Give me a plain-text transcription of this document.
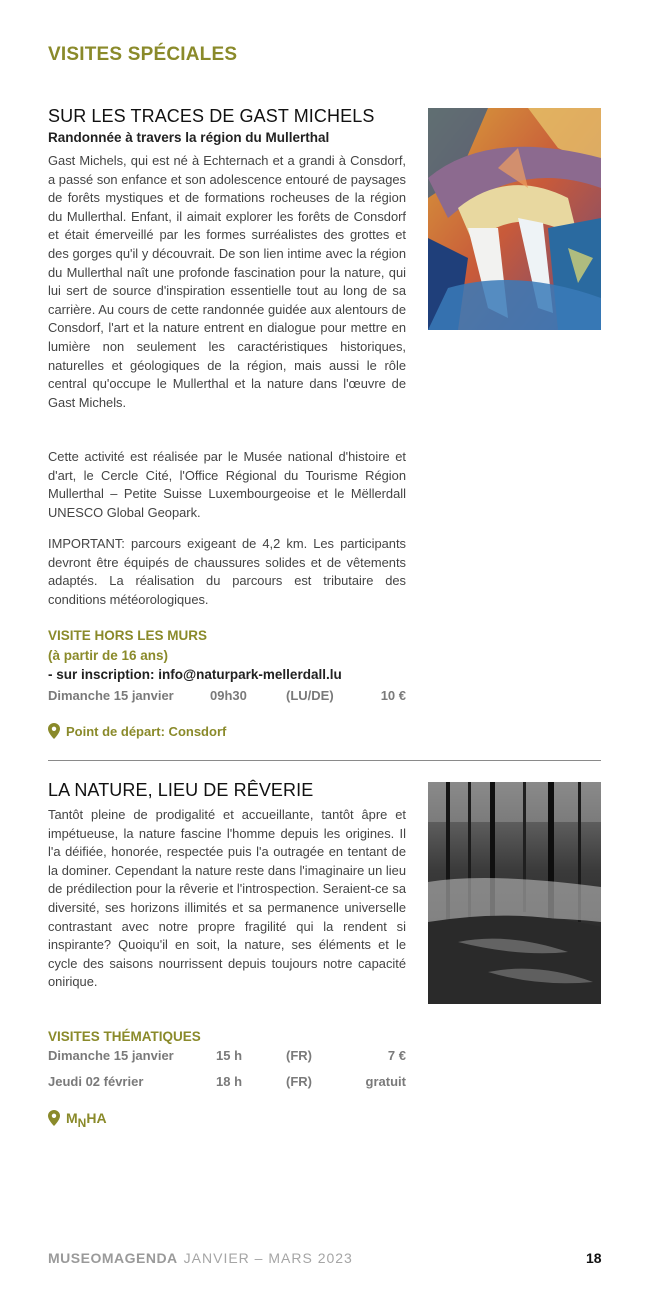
VISITES SPÉCIALES
SUR LES TRACES DE GAST MICHELS
Randonnée à travers la région du Mullerthal

Gast Michels, qui est né à Echternach et a grandi à Consdorf, a passé son enfance et son adolescence entouré de paysages de forêts mystiques et de formations rocheuses de la région du Mullerthal. Enfant, il aimait explorer les forêts de Consdorf et était émerveillé par les formes surréalistes des grottes et des gorges qu'il y découvrait. De son lien intime avec la région du Mullerthal naît une profonde fascination pour la nature, qui lui sert de source d'inspiration essentielle tout au long de sa carrière. Au cours de cette randonnée guidée aux alentours de Consdorf, l'art et la nature entrent en dialogue pour mettre en lumière non seulement les caractéristiques historiques, naturelles et géologiques de la région, mais aussi le rôle central qu'occupe le Mullerthal et la nature dans l'œuvre de Gast Michels.

Cette activité est réalisée par le Musée national d'histoire et d'art, le Cercle Cité, l'Office Régional du Tourisme Région Mullerthal – Petite Suisse Luxembourgeoise et le Mëllerdall UNESCO Global Geopark.

IMPORTANT: parcours exigeant de 4,2 km. Les participants devront être équipés de chaussures solides et de vêtements adaptés. La réalisation du parcours est tributaire des conditions météorologiques.

VISITE HORS LES MURS
(à partir de 16 ans)
- sur inscription: info@naturpark-mellerdall.lu
Dimanche 15 janvier	09h30	(LU/DE)	10 €
Point de départ: Consdorf
LA NATURE, LIEU DE RÊVERIE

Tantôt pleine de prodigalité et accueillante, tantôt âpre et impétueuse, la nature fascine l'homme depuis les origines. Il l'a déifiée, honorée, respectée puis l'a outragée en tentant de la dominer. Cependant la nature reste dans l'imaginaire un lieu de prédilection pour la rêverie et l'introspection. Seraient-ce sa diversité, ses horizons illimités et sa permanence universelle contrastant avec notre propre fragilité qui la rendent si inspirante? Quoiqu'il en soit, la nature, ses éléments et le cycle des saisons nourrissent depuis toujours notre capacité onirique.

VISITES THÉMATIQUES
Dimanche 15 janvier	15 h	(FR)	7 €
Jeudi 02 février	18 h	(FR)	gratuit
MNHA
MUSEOMAGENDA JANVIER – MARS 2023	18
